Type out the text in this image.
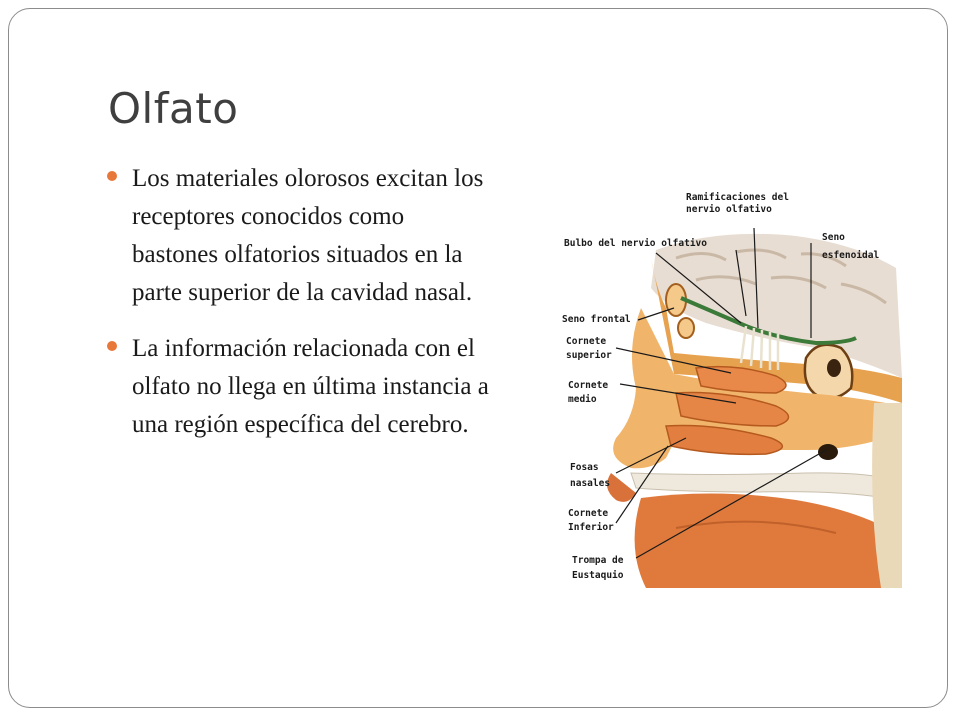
Olfato
Los materiales olorosos excitan los receptores conocidos como bastones olfatorios situados en la parte superior de la cavidad nasal.
La información relacionada con el olfato no llega en última instancia a una región específica del cerebro.
Ramificaciones del
nervio olfativo
Bulbo del nervio olfativo
Seno
esfenoidal
Seno frontal
Cornete
superior
Cornete
medio
Fosas
nasales
Cornete
Inferior
Trompa de
Eustaquio
